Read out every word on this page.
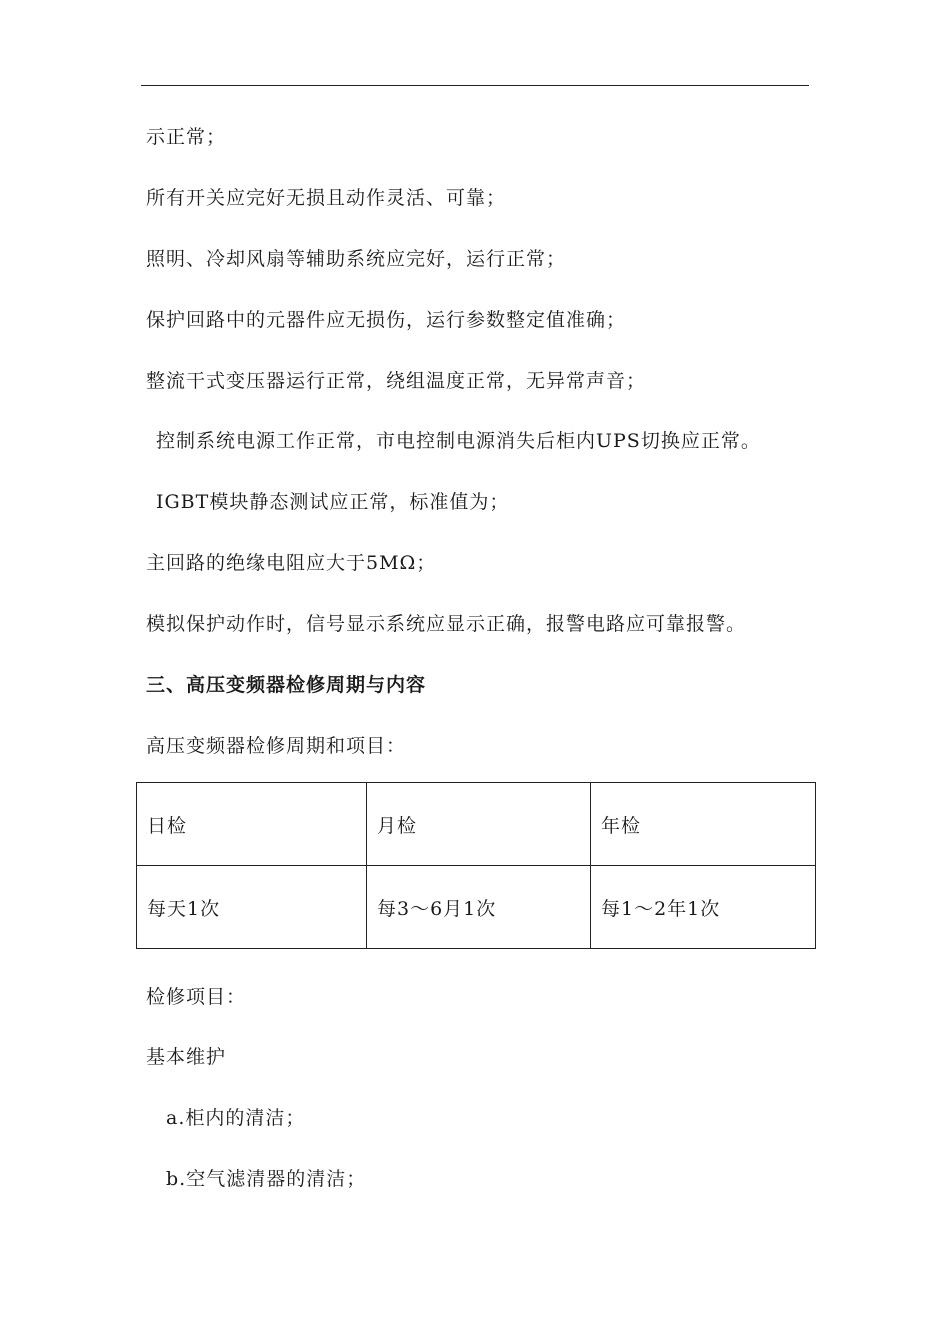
示正常；
所有开关应完好无损且动作灵活、可靠；
照明、冷却风扇等辅助系统应完好，运行正常；
保护回路中的元器件应无损伤，运行参数整定值准确；
整流干式变压器运行正常，绕组温度正常，无异常声音；
控制系统电源工作正常，市电控制电源消失后柜内UPS切换应正常。
IGBT模块静态测试应正常，标准值为；
主回路的绝缘电阻应大于5MΩ；
模拟保护动作时，信号显示系统应显示正确，报警电路应可靠报警。
三、高压变频器检修周期与内容
高压变频器检修周期和项目：
日检	月检	年检
每天1次	每3～6月1次	每1～2年1次
检修项目：
基本维护
a.柜内的清洁；
b.空气滤清器的清洁；
